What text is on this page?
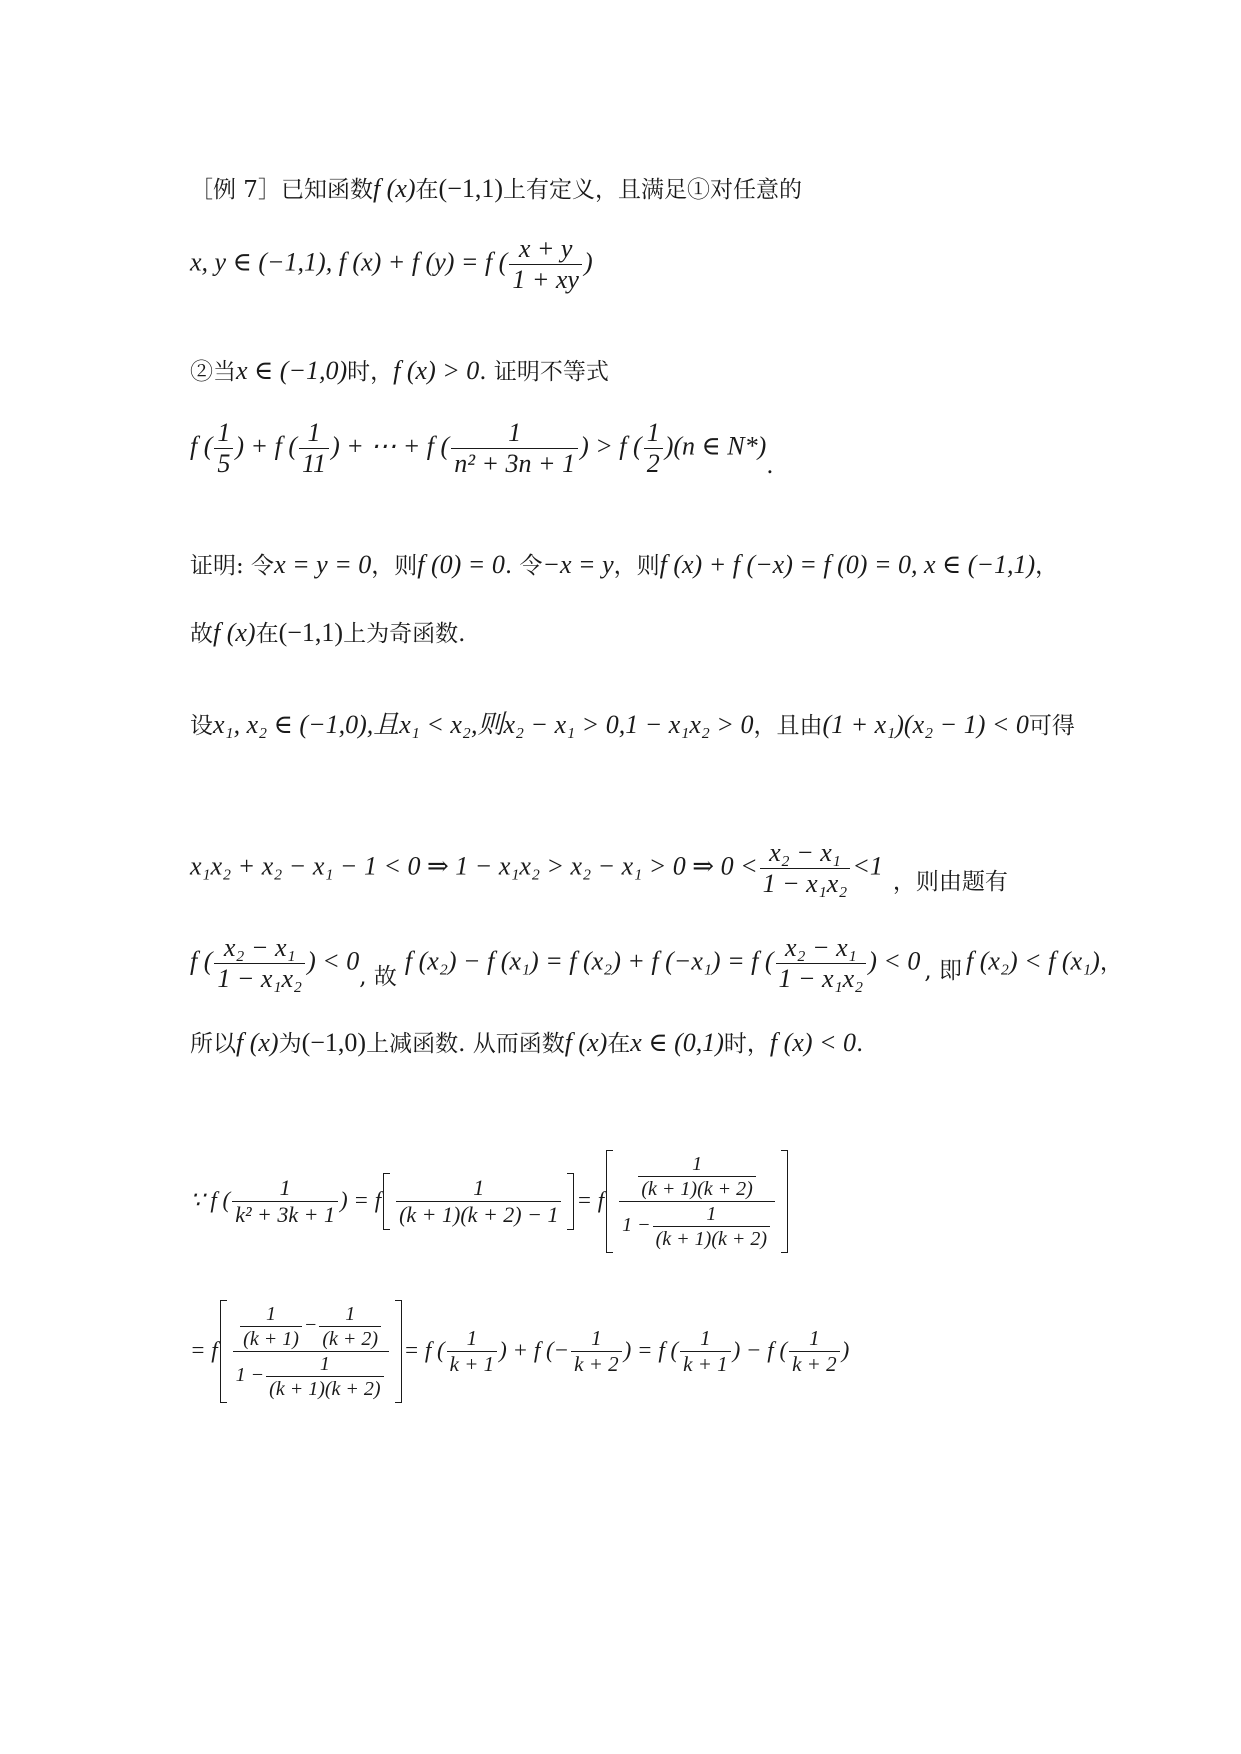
［例 7］已知函数f (x)在(−1,1)上有定义，且满足①对任意的
x, y ∈ (−1,1), f (x) + f (y) = f ( $\frac{x + y}{1 + xy}$ )
②当x ∈ (−1,0)时，f (x) > 0. 证明不等式
f ( $\frac{1}{5}$ ) + f ( $\frac{1}{11}$ ) + ⋯ + f ( $\frac{1}{\text{n² + 3n + 1}}$ ) > f ( $\frac{1}{2} )(n$ ∈ N*).
证明: 令x = y = 0，则f (0) = 0. 令−x = y，则f (x) + f (−x) = f (0) = 0, x ∈ (−1,1)，
故f (x)在(−1,1)上为奇函数.
设x₁, x₂ ∈ (−1,0),且x₁ < x₂,则x₂ − x₁ > 0,1 − x₁x₂ > 0，且由(1 + x₁)(x₂ − 1) < 0可得
x₁x₂ + x₂ − x₁ − 1 < 0 ⇒ 1 − x₁x₂ > x₂ − x₁ > 0 ⇒ $0 < \frac{\text{x₂ − x₁}}{\text{1 − x₁x₂}} <1$，则由题有
f ( $\frac{\text{x₂ − x₁}}{\text{1 − x₁x₂}}$ ) < 0, 故f (x₂) − f (x₁) = f (x₂) + f (−x₁) = f ( $\frac{\text{x₂ − x₁}}{\text{1 − x₁x₂}}$ ) < 0 , 即 f (x₂) < f (x₁)，
所以f (x)为(−1,0)上减函数. 从而函数f (x)在x ∈ (0,1)时，f (x) < 0.
∵ f ( $\frac{1}{\text{k² + 3k + 1}}$ ) = f $\frac{1}{(k + 1)(k + 2) - 1} = f \frac{\frac{1}{(k + 1)(k + 2)}}{1 - \frac{1}{(k + 1)(k + 2)}}$
= f $\frac{\frac{1}{(k + 1)} - \frac{1}{(k + 2)}}{1 - \frac{1}{(k + 1)(k + 2)}} = f$ ( $\frac{1}{k + 1}$ ) + f (− $\frac{1}{k + 2}$ ) = f ( $\frac{1}{k + 1}$ ) − f ( $\frac{1}{k + 2}$ )
